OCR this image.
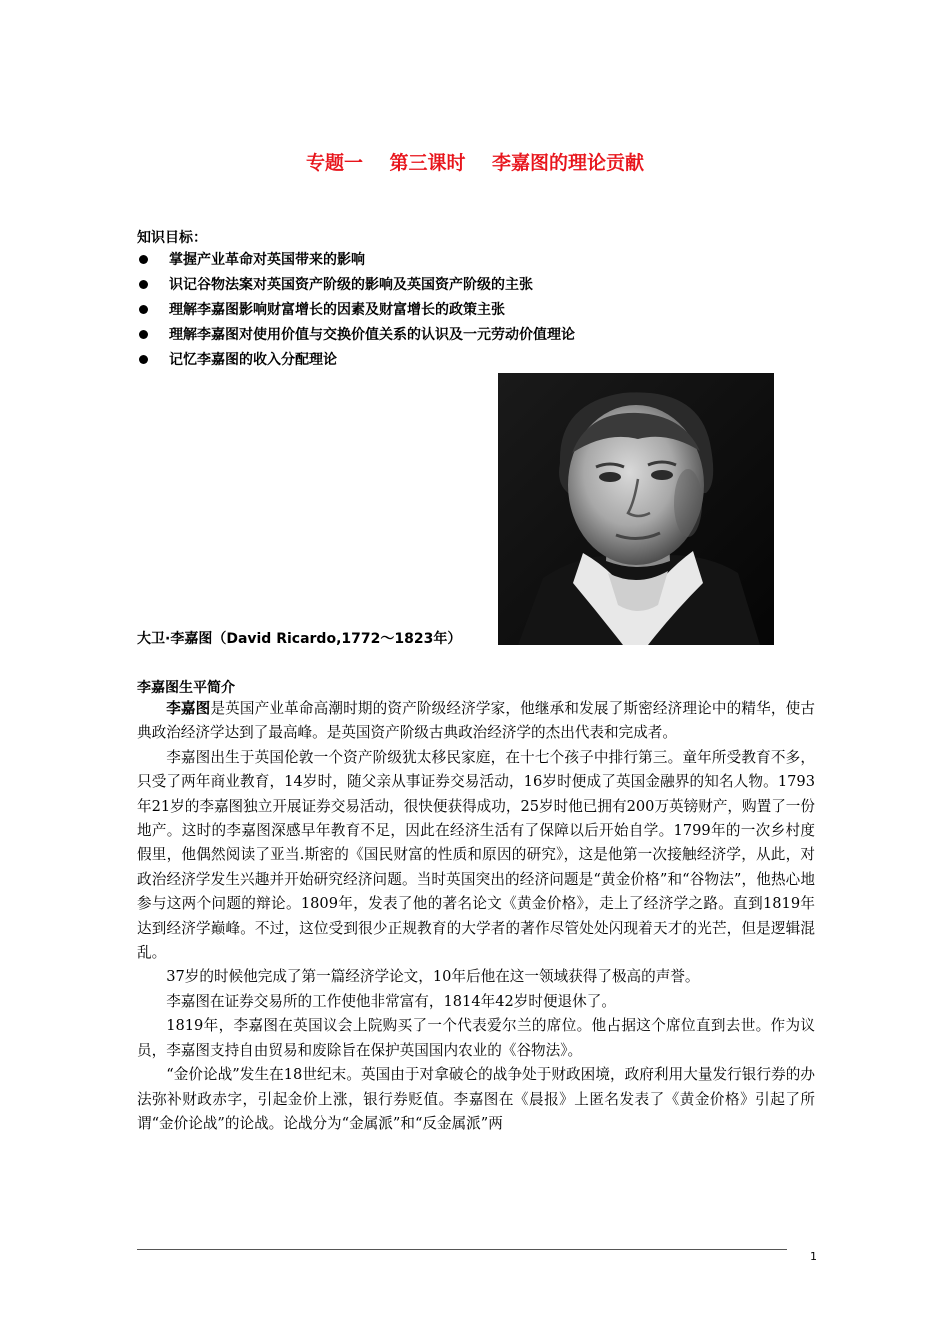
专题一    第三课时    李嘉图的理论贡献
知识目标：
掌握产业革命对英国带来的影响
识记谷物法案对英国资产阶级的影响及英国资产阶级的主张
理解李嘉图影响财富增长的因素及财富增长的政策主张
理解李嘉图对使用价值与交换价值关系的认识及一元劳动价值理论
记忆李嘉图的收入分配理论
大卫·李嘉图（David Ricardo,1772～1823年）
李嘉图生平简介

李嘉图是英国产业革命高潮时期的资产阶级经济学家，他继承和发展了斯密经济理论中的精华，使古典政治经济学达到了最高峰。是英国资产阶级古典政治经济学的杰出代表和完成者。

李嘉图出生于英国伦敦一个资产阶级犹太移民家庭，在十七个孩子中排行第三。童年所受教育不多，只受了两年商业教育，14岁时，随父亲从事证券交易活动，16岁时便成了英国金融界的知名人物。1793年21岁的李嘉图独立开展证券交易活动，很快便获得成功，25岁时他已拥有200万英镑财产，购置了一份地产。这时的李嘉图深感早年教育不足，因此在经济生活有了保障以后开始自学。1799年的一次乡村度假里，他偶然阅读了亚当.斯密的《国民财富的性质和原因的研究》，这是他第一次接触经济学，从此，对政治经济学发生兴趣并开始研究经济问题。当时英国突出的经济问题是“黄金价格”和“谷物法”，他热心地参与这两个问题的辩论。1809年，发表了他的著名论文《黄金价格》，走上了经济学之路。直到1819年达到经济学巅峰。不过，这位受到很少正规教育的大学者的著作尽管处处闪现着天才的光芒，但是逻辑混乱。

37岁的时候他完成了第一篇经济学论文，10年后他在这一领域获得了极高的声誉。

李嘉图在证券交易所的工作使他非常富有，1814年42岁时便退休了。

1819年，李嘉图在英国议会上院购买了一个代表爱尔兰的席位。他占据这个席位直到去世。作为议员，李嘉图支持自由贸易和废除旨在保护英国国内农业的《谷物法》。

“金价论战”发生在18世纪末。英国由于对拿破仑的战争处于财政困境，政府利用大量发行银行券的办法弥补财政赤字，引起金价上涨，银行券贬值。李嘉图在《晨报》上匿名发表了《黄金价格》引起了所谓“金价论战”的论战。论战分为“金属派”和“反金属派”两

1
